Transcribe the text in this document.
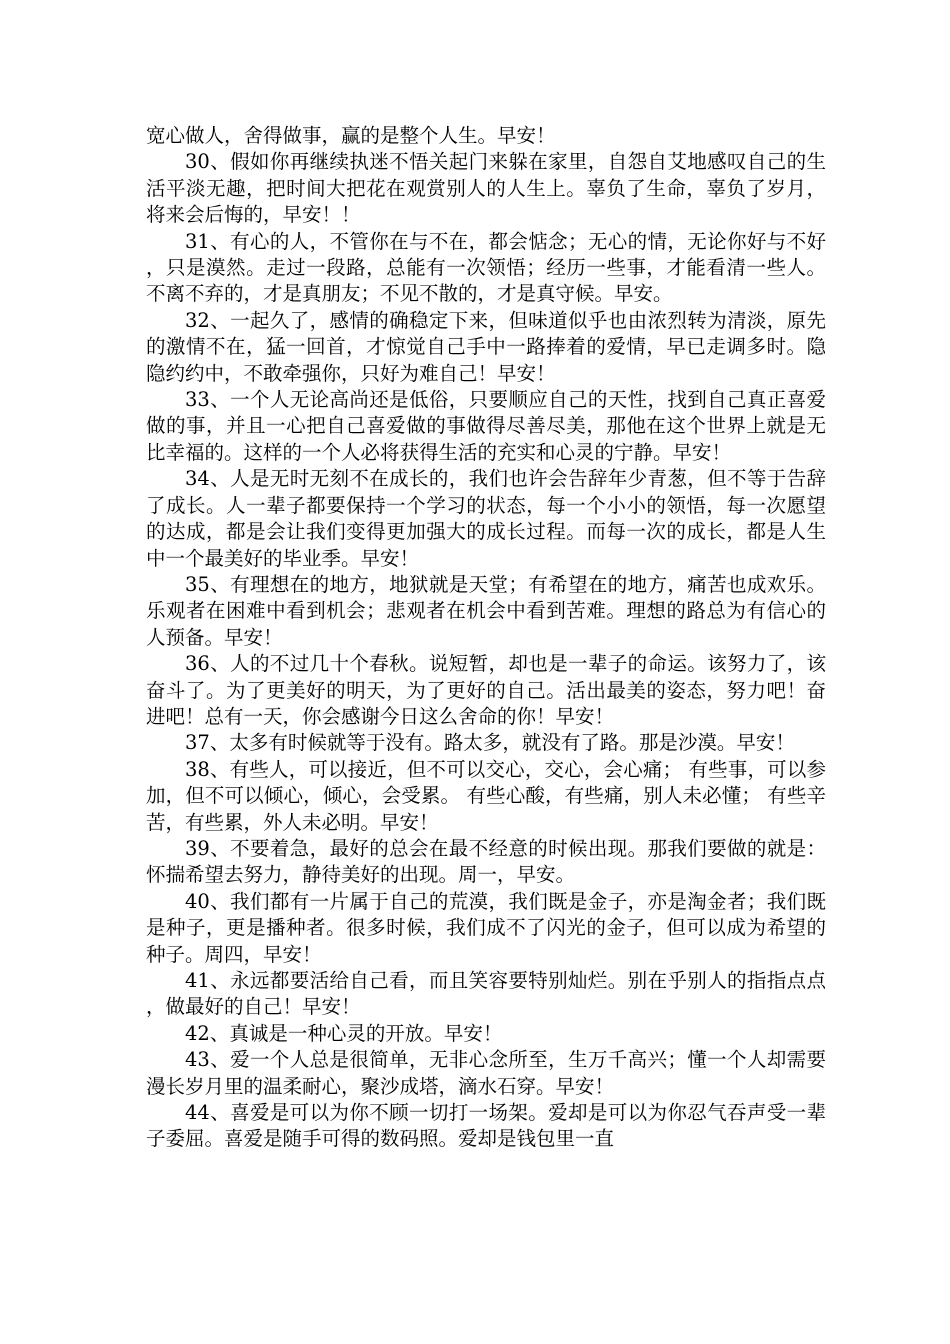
宽心做人，舍得做事，赢的是整个人生。早安！

30、假如你再继续执迷不悟关起门来躲在家里，自怨自艾地感叹自己的生活平淡无趣，把时间大把花在观赏别人的人生上。辜负了生命，辜负了岁月，将来会后悔的，早安！！

31、有心的人，不管你在与不在，都会惦念；无心的情，无论你好与不好，只是漠然。走过一段路，总能有一次领悟；经历一些事，才能看清一些人。不离不弃的，才是真朋友；不见不散的，才是真守候。早安。

32、一起久了，感情的确稳定下来，但味道似乎也由浓烈转为清淡，原先的激情不在，猛一回首，才惊觉自己手中一路捧着的爱情，早已走调多时。隐隐约约中，不敢牵强你，只好为难自己！早安！

33、一个人无论高尚还是低俗，只要顺应自己的天性，找到自己真正喜爱做的事，并且一心把自己喜爱做的事做得尽善尽美，那他在这个世界上就是无比幸福的。这样的一个人必将获得生活的充实和心灵的宁静。早安！

34、人是无时无刻不在成长的，我们也许会告辞年少青葱，但不等于告辞了成长。人一辈子都要保持一个学习的状态，每一个小小的领悟，每一次愿望的达成，都是会让我们变得更加强大的成长过程。而每一次的成长，都是人生中一个最美好的毕业季。早安！

35、有理想在的地方，地狱就是天堂；有希望在的地方，痛苦也成欢乐。乐观者在困难中看到机会；悲观者在机会中看到苦难。理想的路总为有信心的人预备。早安！

36、人的不过几十个春秋。说短暂，却也是一辈子的命运。该努力了，该奋斗了。为了更美好的明天，为了更好的自己。活出最美的姿态，努力吧！奋进吧！总有一天，你会感谢今日这么舍命的你！早安！

37、太多有时候就等于没有。路太多，就没有了路。那是沙漠。早安！

38、有些人，可以接近，但不可以交心，交心，会心痛； 有些事，可以参加，但不可以倾心，倾心，会受累。 有些心酸，有些痛，别人未必懂； 有些辛苦，有些累，外人未必明。早安！

39、不要着急，最好的总会在最不经意的时候出现。那我们要做的就是：怀揣希望去努力，静待美好的出现。周一，早安。

40、我们都有一片属于自己的荒漠，我们既是金子，亦是淘金者；我们既是种子，更是播种者。很多时候，我们成不了闪光的金子，但可以成为希望的种子。周四，早安！

41、永远都要活给自己看，而且笑容要特别灿烂。别在乎别人的指指点点，做最好的自己！早安！

42、真诚是一种心灵的开放。早安！

43、爱一个人总是很简单，无非心念所至，生万千高兴；懂一个人却需要漫长岁月里的温柔耐心，聚沙成塔，滴水石穿。早安！

44、喜爱是可以为你不顾一切打一场架。爱却是可以为你忍气吞声受一辈子委屈。喜爱是随手可得的数码照。爱却是钱包里一直
